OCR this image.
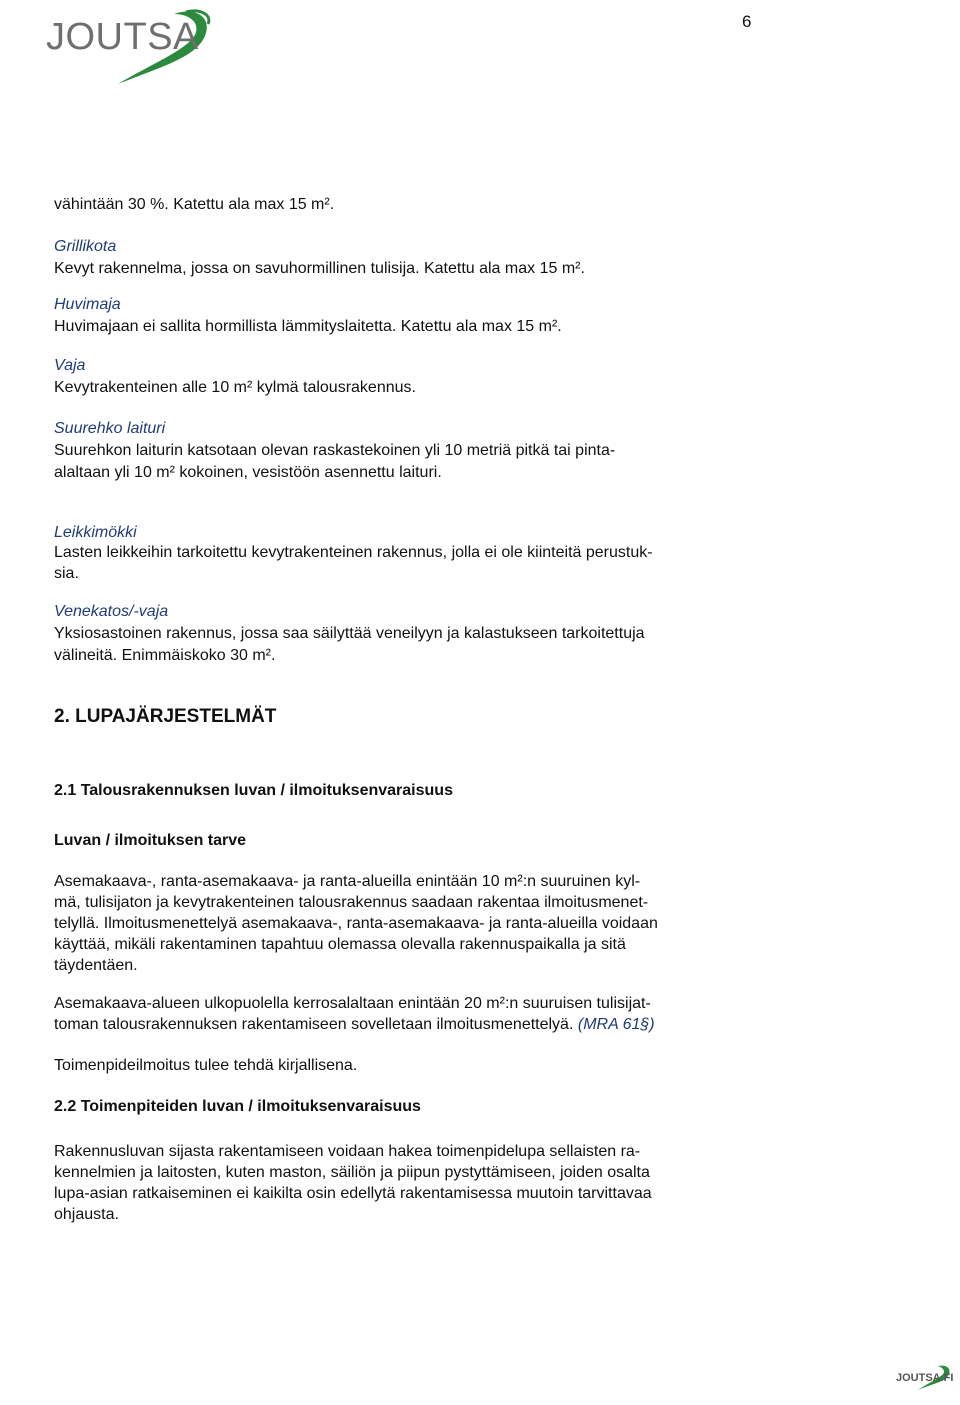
JOUTSA	6
vähintään 30 %. Katettu ala max 15 m².
Grillikota
Kevyt rakennelma, jossa on savuhormillinen tulisija. Katettu ala max 15 m².
Huvimaja
Huvimajaan ei sallita hormillista lämmityslaitetta. Katettu ala max 15 m².
Vaja
Kevytrakenteinen alle 10 m² kylmä talousrakennus.
Suurehko laituri
Suurehkon laiturin katsotaan olevan raskastekoinen yli 10 metriä pitkä tai pinta-
alaltaan yli 10 m² kokoinen, vesistöön asennettu laituri.
Leikkimökki
Lasten leikkeihin tarkoitettu kevytrakenteinen rakennus, jolla ei ole kiinteitä perustuk-
sia.
Venekatos/-vaja
Yksiosastoinen rakennus, jossa saa säilyttää veneilyyn ja kalastukseen tarkoitettuja
välineitä. Enimmäiskoko 30 m².
2. LUPAJÄRJESTELMÄT
2.1 Talousrakennuksen luvan / ilmoituksenvaraisuus
Luvan / ilmoituksen tarve
Asemakaava-, ranta-asemakaava- ja ranta-alueilla enintään 10 m²:n suuruinen kyl-
mä, tulisijaton ja kevytrakenteinen talousrakennus saadaan rakentaa ilmoitusmenet-
telyllä. Ilmoitusmenettelyä asemakaava-, ranta-asemakaava- ja ranta-alueilla voidaan
käyttää, mikäli rakentaminen tapahtuu olemassa olevalla rakennuspaikalla ja sitä
täydentäen.
Asemakaava-alueen ulkopuolella kerrosalaltaan enintään 20 m²:n suuruisen tulisijat-
toman talousrakennuksen rakentamiseen sovelletaan ilmoitusmenettelyä. (MRA 61§)
Toimenpideilmoitus tulee tehdä kirjallisena.
2.2 Toimenpiteiden luvan / ilmoituksenvaraisuus
Rakennusluvan sijasta rakentamiseen voidaan hakea toimenpidelupa sellaisten ra-
kennelmien ja laitosten, kuten maston, säiliön ja piipun pystyttämiseen, joiden osalta
lupa-asian ratkaiseminen ei kaikilta osin edellytä rakentamisessa muutoin tarvittavaa
ohjausta.
JOUTSA.FI
